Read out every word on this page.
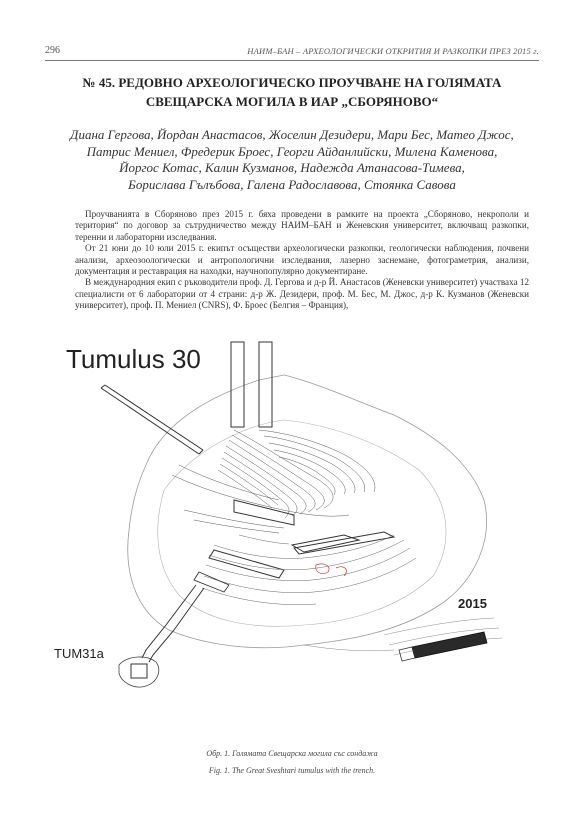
296	НАИМ–БАН – АРХЕОЛОГИЧЕСКИ ОТКРИТИЯ И РАЗКОПКИ ПРЕЗ 2015 г.
№ 45. РЕДОВНО АРХЕОЛОГИЧЕСКО ПРОУЧВАНЕ НА ГОЛЯМАТА
СВЕЩАРСКА МОГИЛА В ИАР „СБОРЯНОВО“
Диана Гергова, Йордан Анастасов, Жоселин Дезидери, Мари Бес, Матео Джос,
Патрис Мениел, Фредерик Броес, Георги Айданлийски, Милена Каменова,
Йоргос Котас, Калин Кузманов, Надежда Атанасова-Тимева,
Бориславa Гълъбова, Галена Радославова, Стоянка Савова

Проучванията в Сборяново през 2015 г. бяха проведени в рамките на проекта „Сборяново, некрополи и територия“ по договор за сътрудничество между НАИМ–БАН и Женевския университет, включващ разкопки, теренни и лабораторни изследвания.

От 21 юни до 10 юли 2015 г. екипът осъществи археологически разкопки, геологически наблюдения, почвени анализи, археозоологически и антропологични изследвания, лазерно заснемане, фотограметрия, анализи, документация и реставрация на находки, научнопопулярно документиране.

В международния екип с ръководители проф. Д. Гергова и д-р Й. Анастасов (Женевски университет) участваха 12 специалисти от 6 лаборатории от 4 страни: д-р Ж. Дезидери, проф. М. Бес, М. Джос, д-р К. Кузманов (Женевски университет), проф. П. Мениел (CNRS), Ф. Броес (Белгия – Франция),

Tumulus 30
2015
TUM31a
Обр. 1. Голямата Свещарска могила със сондажа
Fig. 1. The Great Sveshtari tumulus with the trench.
